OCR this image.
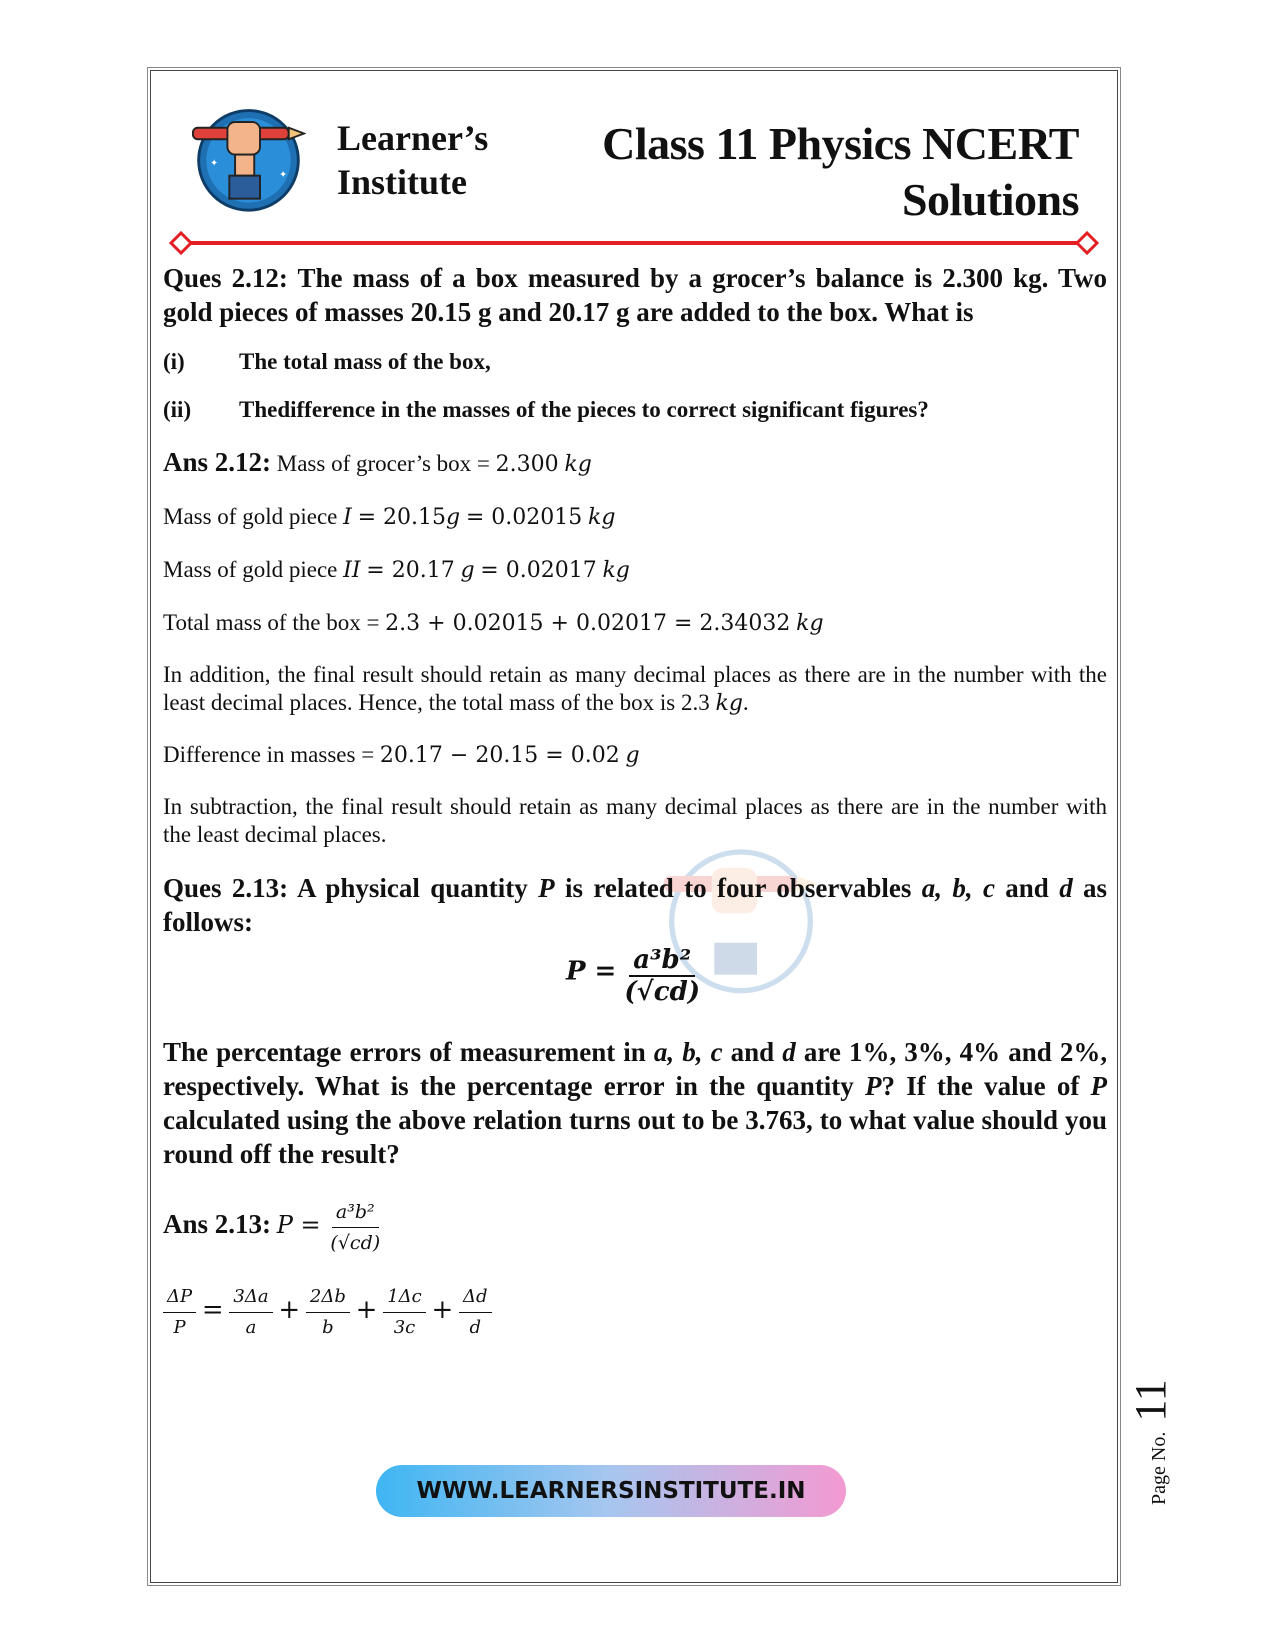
✦
✦
Learner’s
Institute
Class 11 Physics NCERT
Solutions

Ques 2.12: The mass of a box measured by a grocer’s balance is 2.300 kg. Two gold pieces of masses 20.15 g and 20.17 g are added to the box. What is

(i)	The total mass of the box,
(ii)	Thedifference in the masses of the pieces to correct significant figures?

Ans 2.12: Mass of grocer’s box = 2.300 kg

Mass of gold piece I = 20.15g = 0.02015 kg

Mass of gold piece II = 20.17 g = 0.02017 kg

Total mass of the box = 2.3 + 0.02015 + 0.02017 = 2.34032 kg

In addition, the final result should retain as many decimal places as there are in the number with the least decimal places. Hence, the total mass of the box is 2.3 kg.

Difference in masses = 20.17 − 20.15 = 0.02 g

In subtraction, the final result should retain as many decimal places as there are in the number with the least decimal places.

Ques 2.13: A physical quantity P is related to four observables a, b, c and d as follows:

$P = \frac{\text{a³b²}}{(√cd)}$

The percentage errors of measurement in a, b, c and d are 1%, 3%, 4% and 2%, respectively. What is the percentage error in the quantity P? If the value of P calculated using the above relation turns out to be 3.763, to what value should you round off the result?

Ans 2.13: $P = \frac{\text{a³b²}}{(√cd)}$

$\frac{\Delta P}{P} = \frac{3\Delta a}{a} + \frac{2\Delta b}{b} + \frac{1\Delta c}{3c} + \frac{\Delta d}{d}$

WWW.LEARNERSINSTITUTE.IN	Page No.
11
